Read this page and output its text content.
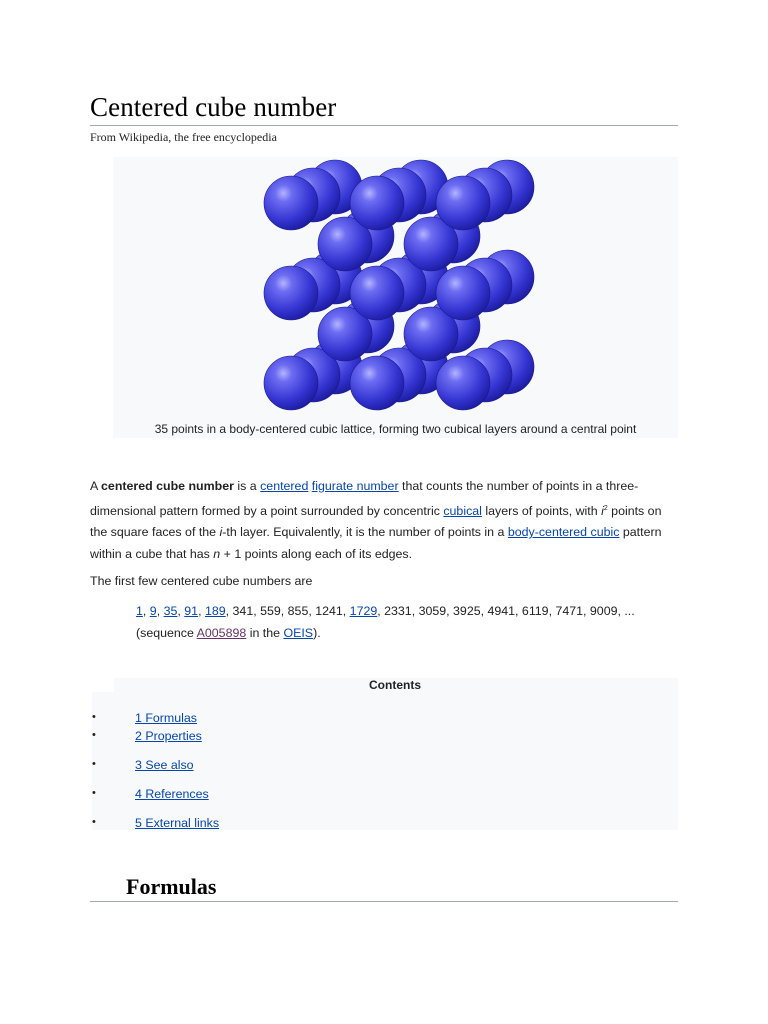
Centered cube number
From Wikipedia, the free encyclopedia
35 points in a body-centered cubic lattice, forming two cubical layers around a central point

A centered cube number is a centered figurate number that counts the number of points in a three-dimensional pattern formed by a point surrounded by concentric cubical layers of points, with $i^2$ points on the square faces of the i-th layer. Equivalently, it is the number of points in a body-centered cubic pattern within a cube that has n + 1 points along each of its edges.

The first few centered cube numbers are

1, 9, 35, 91, 189, 341, 559, 855, 1241, 1729, 2331, 3059, 3925, 4941, 6119, 7471, 9009, ...
(sequence A005898 in the OEIS).

Contents
•	1 Formulas
•	2 Properties
•	3 See also
•	4 References
•	5 External links
Formulas
